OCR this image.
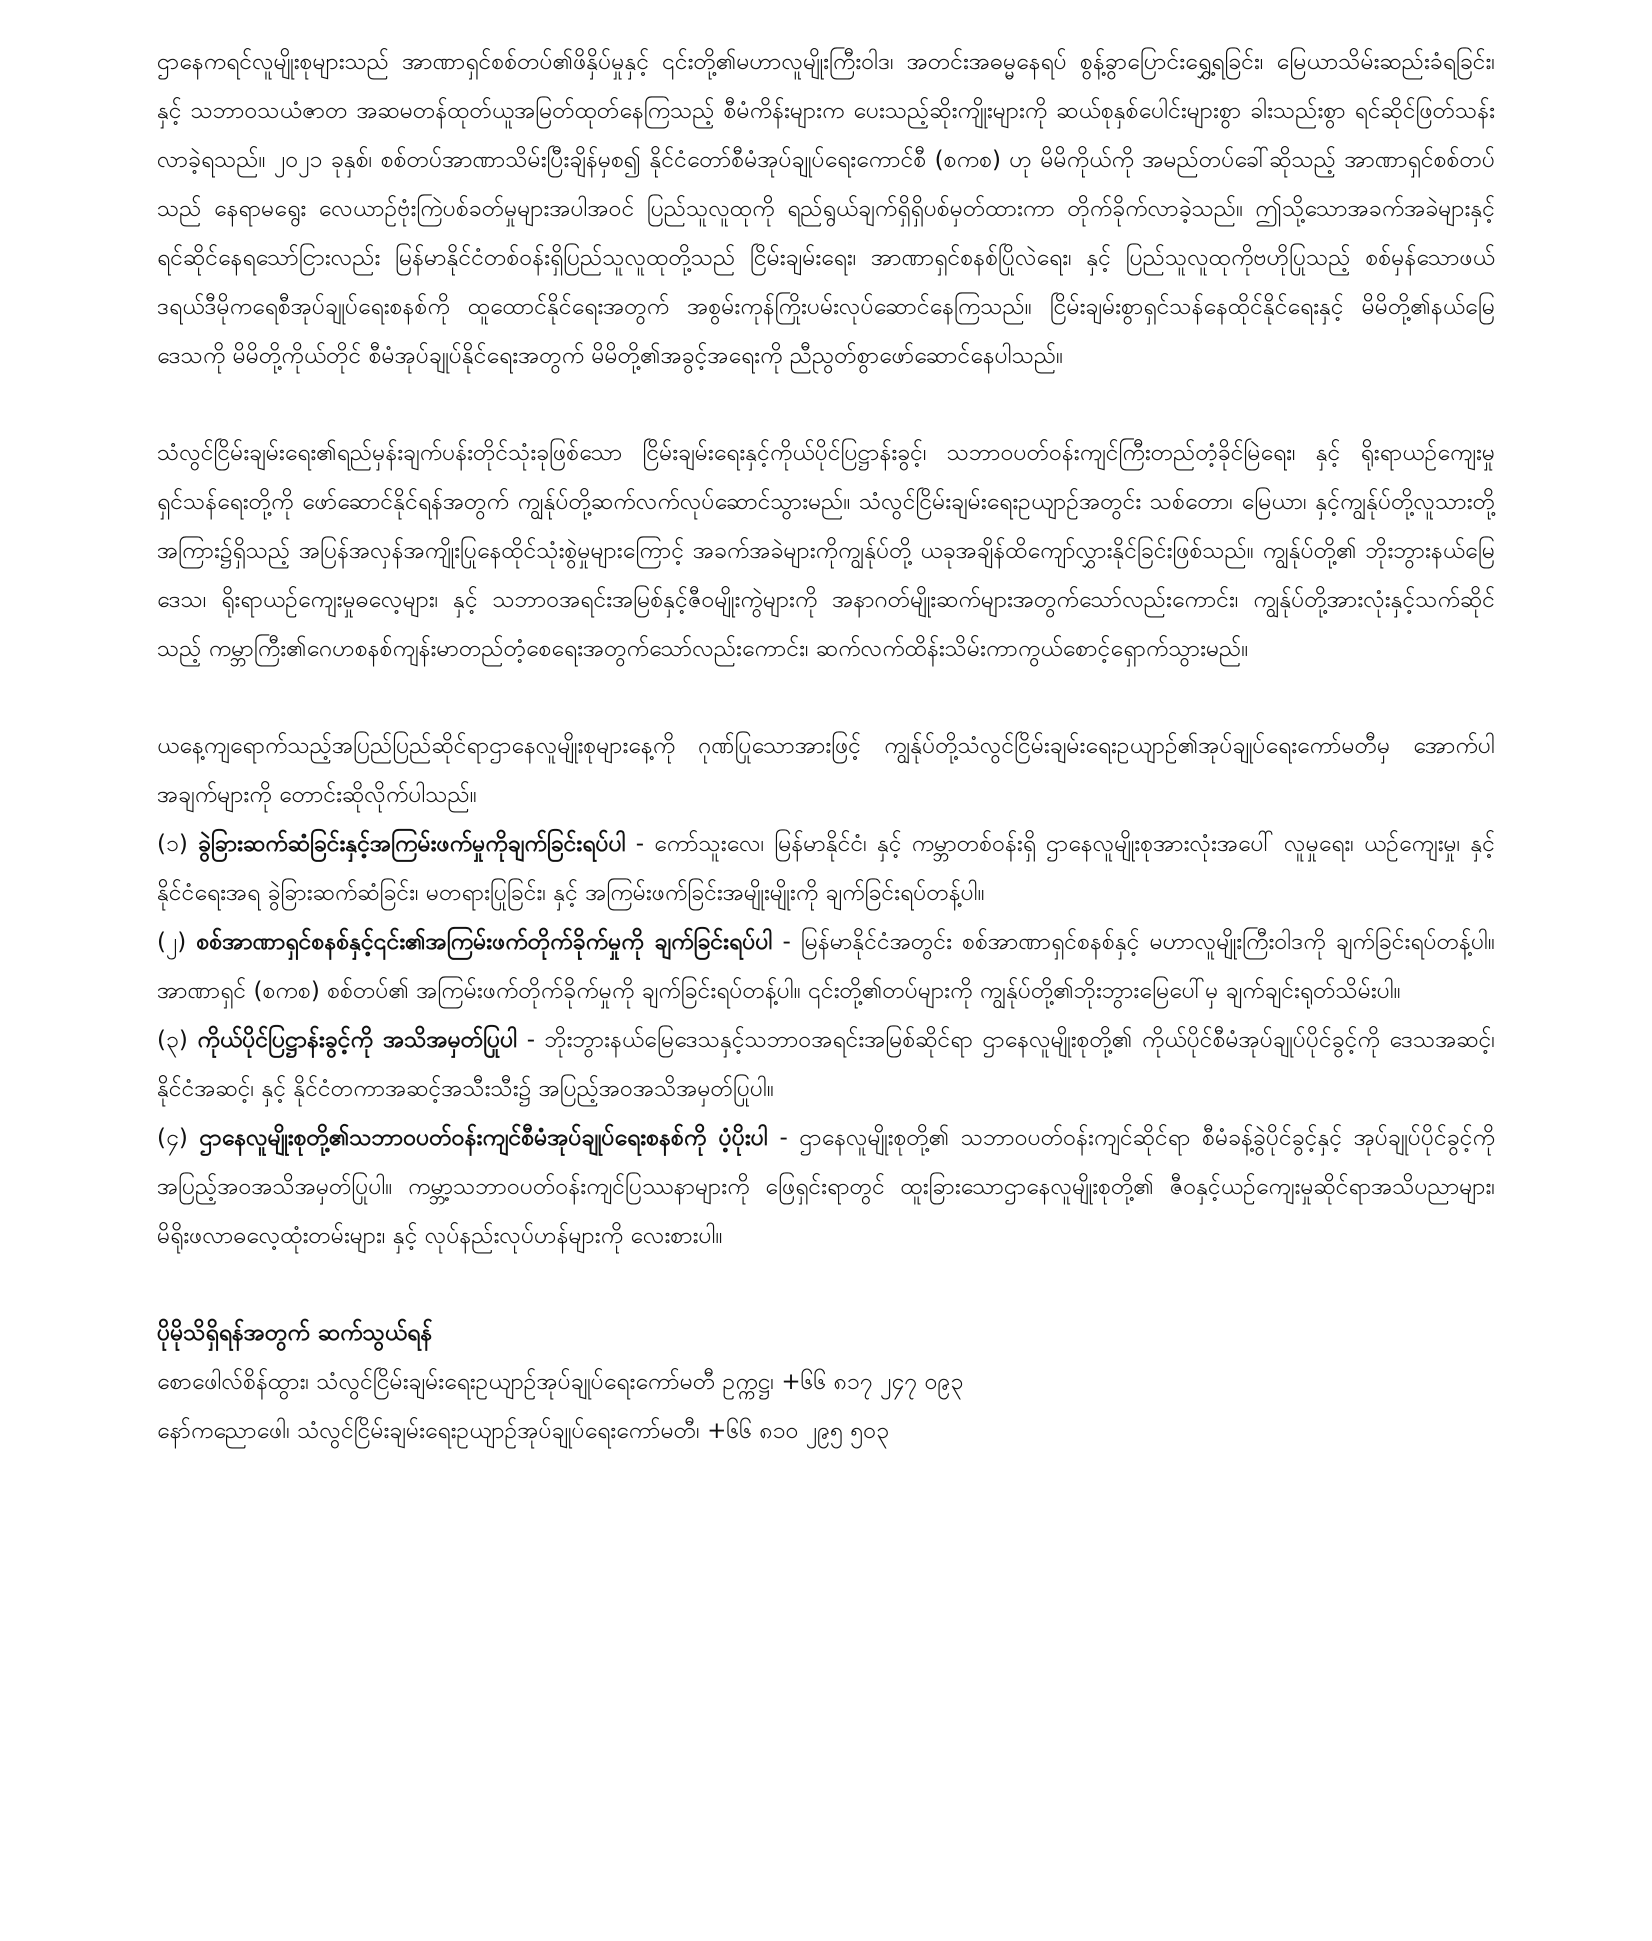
ဌာနေကရင်လူမျိုးစုများသည် အာဏာရှင်စစ်တပ်၏ဖိနှိပ်မှုနှင့် ၎င်းတို့၏မဟာလူမျိုးကြီးဝါဒ၊ အတင်းအဓမ္မနေရပ် စွန့်ခွာပြောင်းရွှေ့ရခြင်း၊ မြေယာသိမ်းဆည်းခံရခြင်း၊ နှင့် သဘာဝသယံဇာတ အဆမတန်ထုတ်ယူအမြတ်ထုတ်နေကြသည့် စီမံကိန်းများက ပေးသည့်ဆိုးကျိုးများကို ဆယ်စုနှစ်ပေါင်းများစွာ ခါးသည်းစွာ ရင်ဆိုင်ဖြတ်သန်းလာခဲ့ရသည်။ ၂၀၂၁ ခုနှစ်၊ စစ်တပ်အာဏာသိမ်းပြီးချိန်မှစ၍ နိုင်ငံတော်စီမံအုပ်ချုပ်ရေးကောင်စီ (စကစ) ဟု မိမိကိုယ်ကို အမည်တပ်ခေါ်ဆိုသည့် အာဏာရှင်စစ်တပ်သည် နေရာမရွေး လေယာဉ်ဗုံးကြဲပစ်ခတ်မှုများအပါအဝင် ပြည်သူလူထုကို ရည်ရွယ်ချက်ရှိရှိပစ်မှတ်ထားကာ တိုက်ခိုက်လာခဲ့သည်။ ဤသို့သောအခက်အခဲများနှင့်ရင်ဆိုင်နေရသော်ငြားလည်း မြန်မာနိုင်ငံတစ်ဝန်းရှိပြည်သူလူထုတို့သည် ငြိမ်းချမ်းရေး၊ အာဏာရှင်စနစ်ပြိုလဲရေး၊ နှင့် ပြည်သူလူထုကိုဗဟိုပြုသည့် စစ်မှန်သောဖယ်ဒရယ်ဒီမိုကရေစီအုပ်ချုပ်ရေးစနစ်ကို ထူထောင်နိုင်ရေးအတွက် အစွမ်းကုန်ကြိုးပမ်းလုပ်ဆောင်နေကြသည်။ ငြိမ်းချမ်းစွာရှင်သန်နေထိုင်နိုင်ရေးနှင့် မိမိတို့၏နယ်မြေဒေသကို မိမိတို့ကိုယ်တိုင် စီမံအုပ်ချုပ်နိုင်ရေးအတွက် မိမိတို့၏အခွင့်အရေးကို ညီညွတ်စွာဖော်ဆောင်နေပါသည်။

သံလွင်ငြိမ်းချမ်းရေး၏ရည်မှန်းချက်ပန်းတိုင်သုံးခုဖြစ်သော ငြိမ်းချမ်းရေးနှင့်ကိုယ်ပိုင်ပြဋ္ဌာန်းခွင့်၊ သဘာဝပတ်ဝန်းကျင်ကြီးတည်တံ့ခိုင်မြဲရေး၊ နှင့် ရိုးရာယဉ်ကျေးမှုရှင်သန်ရေးတို့ကို ဖော်ဆောင်နိုင်ရန်အတွက် ကျွန်ုပ်တို့ဆက်လက်လုပ်ဆောင်သွားမည်။ သံလွင်ငြိမ်းချမ်းရေးဥယျာဉ်အတွင်း သစ်တော၊ မြေယာ၊ နှင့်ကျွန်ုပ်တို့လူသားတို့အကြား၌ရှိသည့် အပြန်အလှန်အကျိုးပြုနေထိုင်သုံးစွဲမှုများကြောင့် အခက်အခဲများကိုကျွန်ုပ်တို့ ယခုအချိန်ထိကျော်လွှားနိုင်ခြင်းဖြစ်သည်။ ကျွန်ုပ်တို့၏ ဘိုးဘွားနယ်မြေဒေသ၊ ရိုးရာယဉ်ကျေးမှုဓလေ့များ၊ နှင့် သဘာဝအရင်းအမြစ်နှင့်ဇီဝမျိုးကွဲများကို အနာဂတ်မျိုးဆက်များအတွက်သော်လည်းကောင်း၊ ကျွန်ုပ်တို့အားလုံးနှင့်သက်ဆိုင်သည့် ကမ္ဘာကြီး၏ဂေဟစနစ်ကျန်းမာတည်တံ့စေရေးအတွက်သော်လည်းကောင်း၊ ဆက်လက်ထိန်းသိမ်းကာကွယ်စောင့်ရှောက်သွားမည်။

ယနေ့ကျရောက်သည့်အပြည်ပြည်ဆိုင်ရာဌာနေလူမျိုးစုများနေ့ကို ဂုဏ်ပြုသောအားဖြင့် ကျွန်ုပ်တို့သံလွင်ငြိမ်းချမ်းရေးဥယျာဉ်၏အုပ်ချုပ်ရေးကော်မတီမှ အောက်ပါအချက်များကို တောင်းဆိုလိုက်ပါသည်။

(၁) ခွဲခြားဆက်ဆံခြင်းနှင့်အကြမ်းဖက်မှုကိုချက်ခြင်းရပ်ပါ - ကော်သူးလေ၊ မြန်မာနိုင်ငံ၊ နှင့် ကမ္ဘာတစ်ဝန်းရှိ ဌာနေလူမျိုးစုအားလုံးအပေါ် လူမှုရေး၊ ယဉ်ကျေးမှု၊ နှင့် နိုင်ငံရေးအရ ခွဲခြားဆက်ဆံခြင်း၊ မတရားပြုခြင်း၊ နှင့် အကြမ်းဖက်ခြင်းအမျိုးမျိုးကို ချက်ခြင်းရပ်တန့်ပါ။

(၂) စစ်အာဏာရှင်စနစ်နှင့်၎င်း၏အကြမ်းဖက်တိုက်ခိုက်မှုကို ချက်ခြင်းရပ်ပါ - မြန်မာနိုင်ငံအတွင်း စစ်အာဏာရှင်စနစ်နှင့် မဟာလူမျိုးကြီးဝါဒကို ချက်ခြင်းရပ်တန့်ပါ။ အာဏာရှင် (စကစ) စစ်တပ်၏ အကြမ်းဖက်တိုက်ခိုက်မှုကို ချက်ခြင်းရပ်တန့်ပါ။ ၎င်းတို့၏တပ်များကို ကျွန်ုပ်တို့၏ဘိုးဘွားမြေပေါ်မှ ချက်ချင်းရုတ်သိမ်းပါ။

(၃) ကိုယ်ပိုင်ပြဋ္ဌာန်းခွင့်ကို အသိအမှတ်ပြုပါ - ဘိုးဘွားနယ်မြေဒေသနှင့်သဘာဝအရင်းအမြစ်ဆိုင်ရာ ဌာနေလူမျိုးစုတို့၏ ကိုယ်ပိုင်စီမံအုပ်ချုပ်ပိုင်ခွင့်ကို ဒေသအဆင့်၊ နိုင်ငံအဆင့်၊ နှင့် နိုင်ငံတကာအဆင့်အသီးသီး၌ အပြည့်အဝအသိအမှတ်ပြုပါ။

(၄) ဌာနေလူမျိုးစုတို့၏သဘာဝပတ်ဝန်းကျင်စီမံအုပ်ချုပ်ရေးစနစ်ကို ပံ့ပိုးပါ - ဌာနေလူမျိုးစုတို့၏ သဘာဝပတ်ဝန်းကျင်ဆိုင်ရာ စီမံခန့်ခွဲပိုင်ခွင့်နှင့် အုပ်ချုပ်ပိုင်ခွင့်ကို အပြည့်အဝအသိအမှတ်ပြုပါ။ ကမ္ဘာ့သဘာဝပတ်ဝန်းကျင်ပြဿနာများကို ဖြေရှင်းရာတွင် ထူးခြားသောဌာနေလူမျိုးစုတို့၏ ဇီဝနှင့်ယဉ်ကျေးမှုဆိုင်ရာအသိပညာများ၊ မိရိုးဖလာဓလေ့ထုံးတမ်းများ၊ နှင့် လုပ်နည်းလုပ်ဟန်များကို လေးစားပါ။

ပိုမိုသိရှိရန်အတွက် ဆက်သွယ်ရန်

စောဖေါလ်စိန်ထွား၊ သံလွင်ငြိမ်းချမ်းရေးဥယျာဉ်အုပ်ချုပ်ရေးကော်မတီ ဥက္ကဋ္ဌ၊ +၆၆ ၈၁၇ ၂၄၇ ၀၉၃

နော်ကညောဖေါ၊ သံလွင်ငြိမ်းချမ်းရေးဥယျာဉ်အုပ်ချုပ်ရေးကော်မတီ၊ +၆၆ ၈၁၀ ၂၉၅ ၅၀၃
